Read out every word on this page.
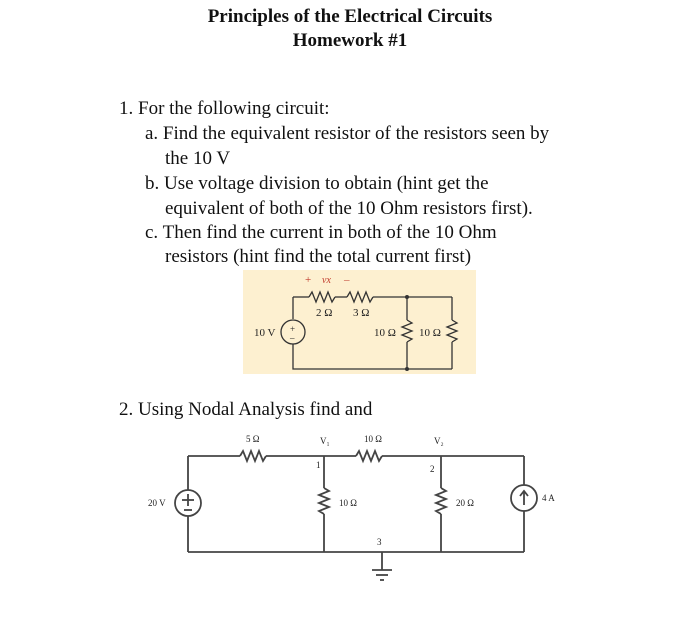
Principles of the Electrical Circuits
Homework #1
1. For the following circuit:
a. Find the equivalent resistor of the resistors seen by
the 10 V
b. Use voltage division to obtain (hint get the
equivalent of both of the 10 Ohm resistors first).
c. Then find the current in both of the 10 Ohm
resistors (hint find the total current first)
+ vx –
2 Ω 3 Ω
10 Ω 10 Ω
10 V +
–
2. Using Nodal Analysis find and
5 Ω	V₁	10 Ω	V₂
1	2
3
20 V	10 Ω	20 Ω	4 A
